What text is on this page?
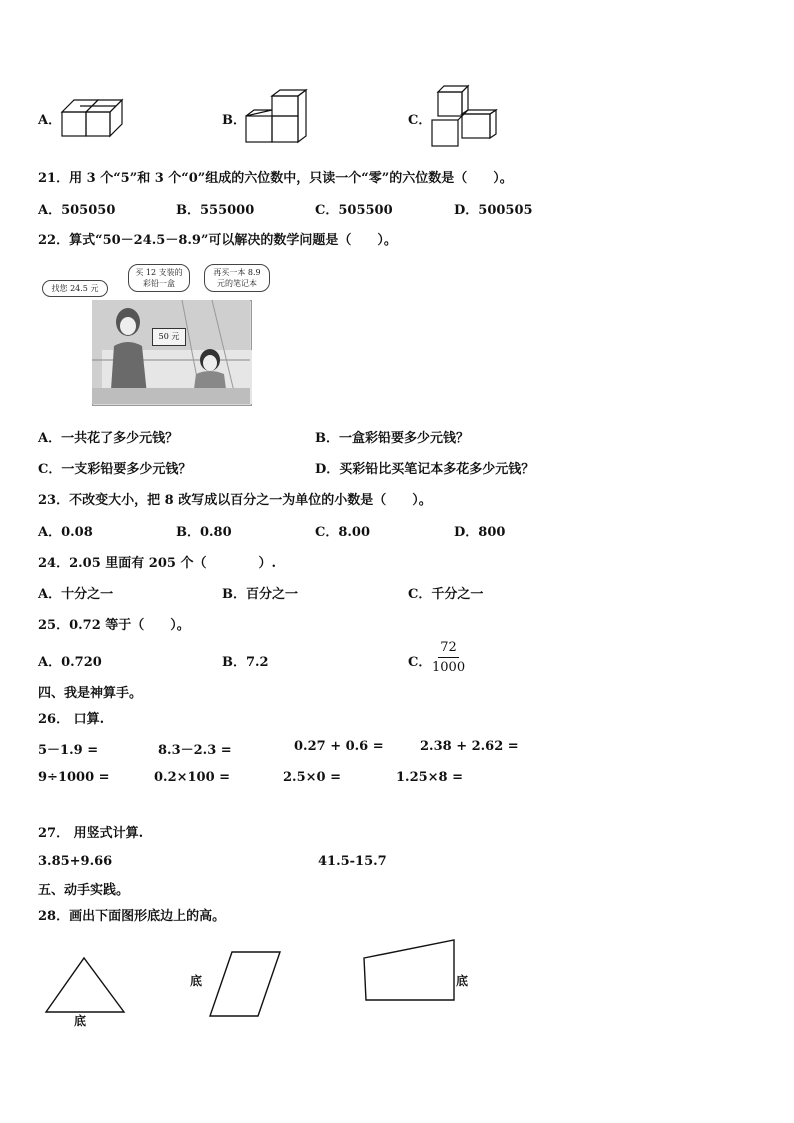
A．	B．	C．
21．用 3 个“5”和 3 个“0”组成的六位数中，只读一个“零”的六位数是（　　）。
A．505050	B．555000	C．505500	D．500505
22．算式“50－24.5－8.9”可以解决的数学问题是（　　）。
50 元
找您 24.5 元
买 12 支装的彩铅一盒
再买一本 8.9 元的笔记本
A．一共花了多少元钱？	B．一盒彩铅要多少元钱？
C．一支彩铅要多少元钱？	D．买彩铅比买笔记本多花多少元钱？
23．不改变大小，把 8 改写成以百分之一为单位的小数是（　　）。
A．0.08	B．0.80	C．8.00	D．800
24．2.05 里面有 205 个（　　　　）.
A．十分之一	B．百分之一	C．千分之一
25．0.72 等于（　　）。
A．0.720	B．7.2	C． $\frac{72}{1000}$
四、我是神算手。
26． 口算.
5－1.9 =	8.3－2.3 =	0.27 + 0.6 =	2.38 + 2.62 =
9÷1000 =	0.2×100 =	2.5×0 =	1.25×8 =
27． 用竖式计算.
3.85+9.66	41.5-15.7
五、动手实践。
28．画出下面图形底边上的高。
底
底	底
